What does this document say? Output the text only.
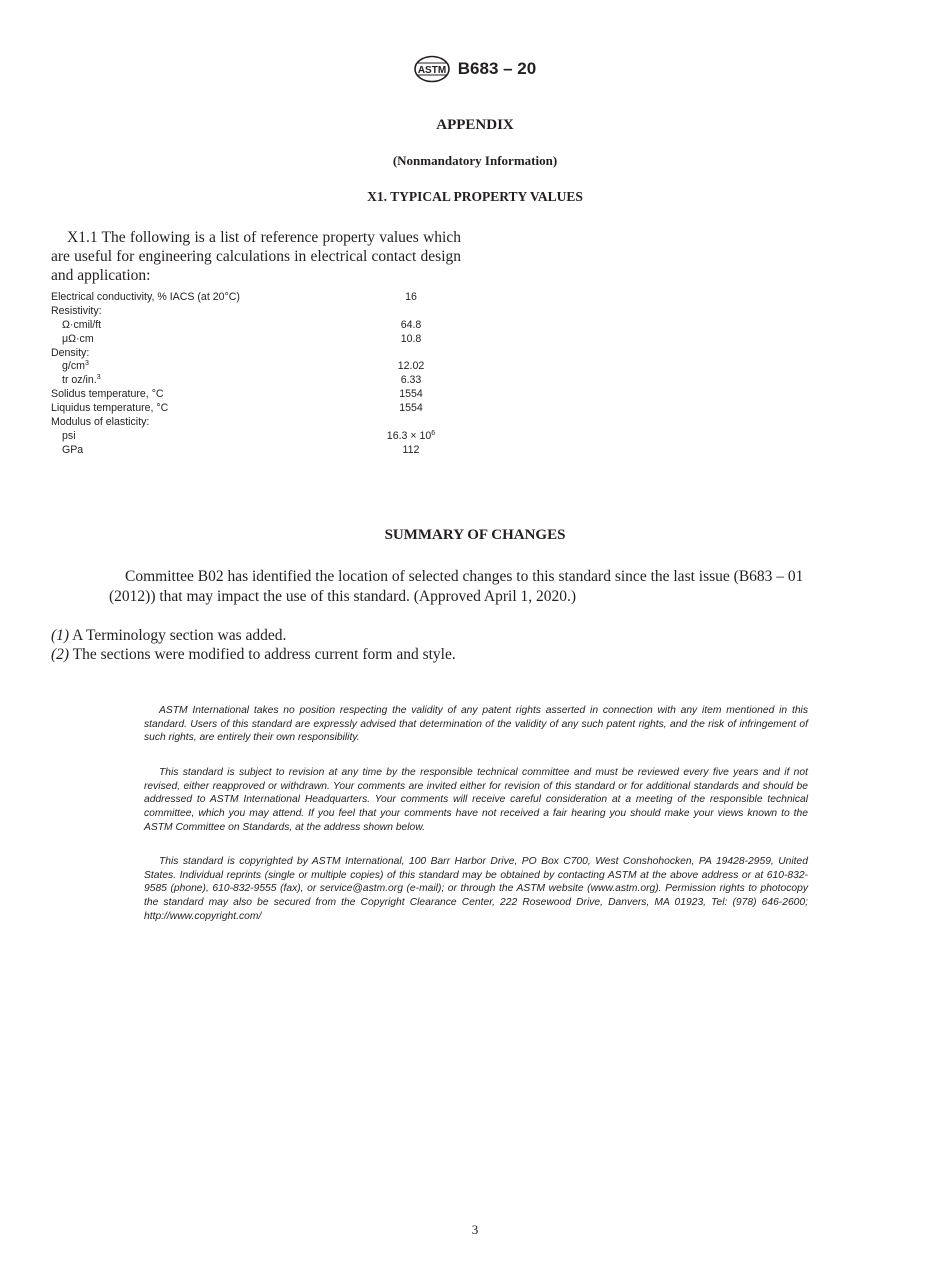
ASTM B683 – 20
APPENDIX
(Nonmandatory Information)
X1. TYPICAL PROPERTY VALUES
X1.1 The following is a list of reference property values which are useful for engineering calculations in electrical contact design and application:
Electrical conductivity, % IACS (at 20°C)	16
Resistivity:
Ω·cmil/ft	64.8
μΩ·cm	10.8
Density:
$g/cm^3$	12.02
tr oz/in.$^3$	6.33
Solidus temperature, °C	1554
Liquidus temperature, °C	1554
Modulus of elasticity:
psi	$16.3 \times 10^6$
GPa	112
SUMMARY OF CHANGES
Committee B02 has identified the location of selected changes to this standard since the last issue (B683 – 01 (2012)) that may impact the use of this standard. (Approved April 1, 2020.)
(1) A Terminology section was added.
(2) The sections were modified to address current form and style.
ASTM International takes no position respecting the validity of any patent rights asserted in connection with any item mentioned in this standard. Users of this standard are expressly advised that determination of the validity of any such patent rights, and the risk of infringement of such rights, are entirely their own responsibility.
This standard is subject to revision at any time by the responsible technical committee and must be reviewed every five years and if not revised, either reapproved or withdrawn. Your comments are invited either for revision of this standard or for additional standards and should be addressed to ASTM International Headquarters. Your comments will receive careful consideration at a meeting of the responsible technical committee, which you may attend. If you feel that your comments have not received a fair hearing you should make your views known to the ASTM Committee on Standards, at the address shown below.
This standard is copyrighted by ASTM International, 100 Barr Harbor Drive, PO Box C700, West Conshohocken, PA 19428-2959, United States. Individual reprints (single or multiple copies) of this standard may be obtained by contacting ASTM at the above address or at 610-832-9585 (phone), 610-832-9555 (fax), or service@astm.org (e-mail); or through the ASTM website (www.astm.org). Permission rights to photocopy the standard may also be secured from the Copyright Clearance Center, 222 Rosewood Drive, Danvers, MA 01923, Tel: (978) 646-2600; http://www.copyright.com/
3
